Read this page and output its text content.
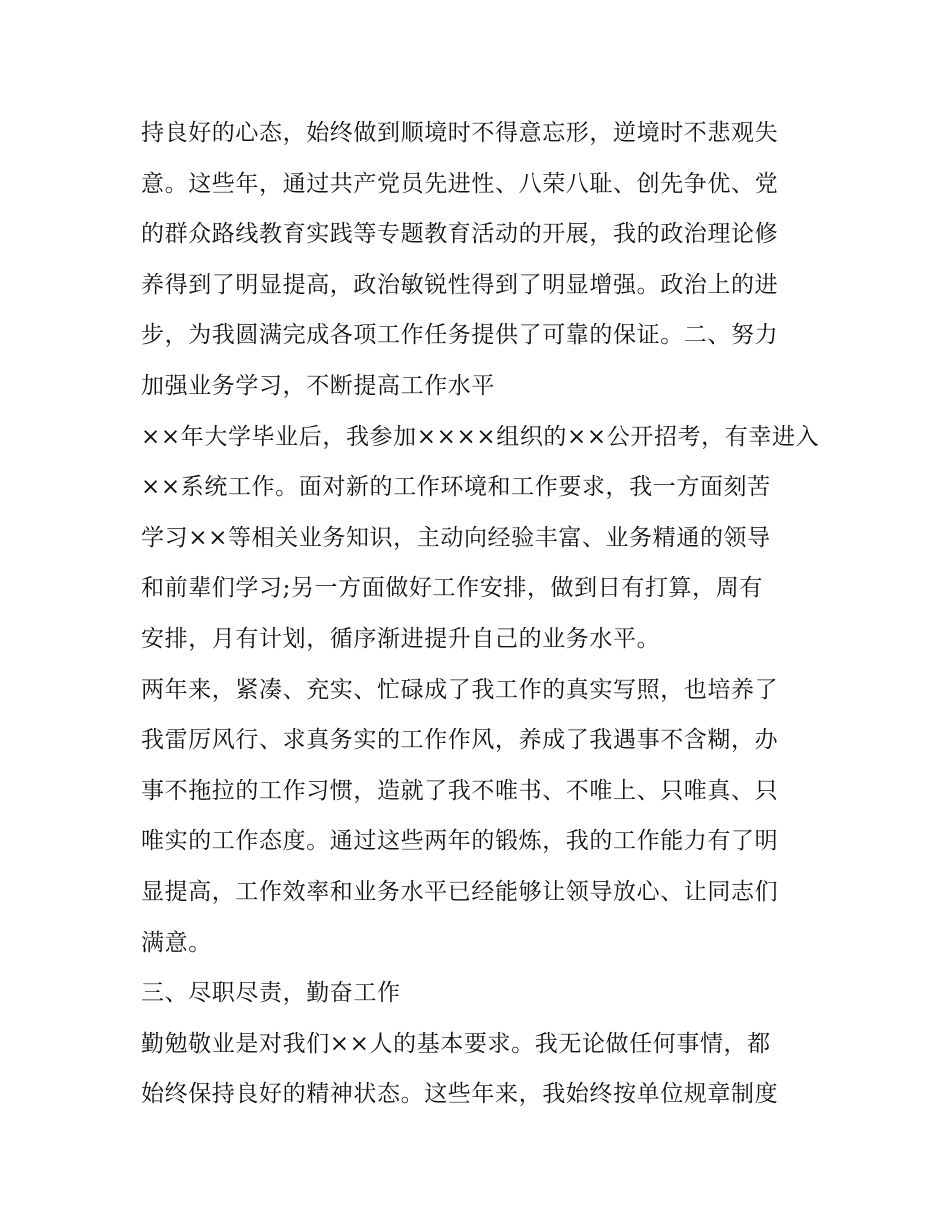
持良好的心态，始终做到顺境时不得意忘形，逆境时不悲观失
意。这些年，通过共产党员先进性、八荣八耻、创先争优、党
的群众路线教育实践等专题教育活动的开展，我的政治理论修
养得到了明显提高，政治敏锐性得到了明显增强。政治上的进
步，为我圆满完成各项工作任务提供了可靠的保证。二、努力
加强业务学习，不断提高工作水平
××年大学毕业后，我参加××××组织的××公开招考，有幸进入
××系统工作。面对新的工作环境和工作要求，我一方面刻苦
学习××等相关业务知识，主动向经验丰富、业务精通的领导
和前辈们学习;另一方面做好工作安排，做到日有打算，周有
安排，月有计划，循序渐进提升自己的业务水平。
两年来，紧凑、充实、忙碌成了我工作的真实写照，也培养了
我雷厉风行、求真务实的工作作风，养成了我遇事不含糊，办
事不拖拉的工作习惯，造就了我不唯书、不唯上、只唯真、只
唯实的工作态度。通过这些两年的锻炼，我的工作能力有了明
显提高，工作效率和业务水平已经能够让领导放心、让同志们
满意。
三、尽职尽责，勤奋工作
勤勉敬业是对我们××人的基本要求。我无论做任何事情，都
始终保持良好的精神状态。这些年来，我始终按单位规章制度
